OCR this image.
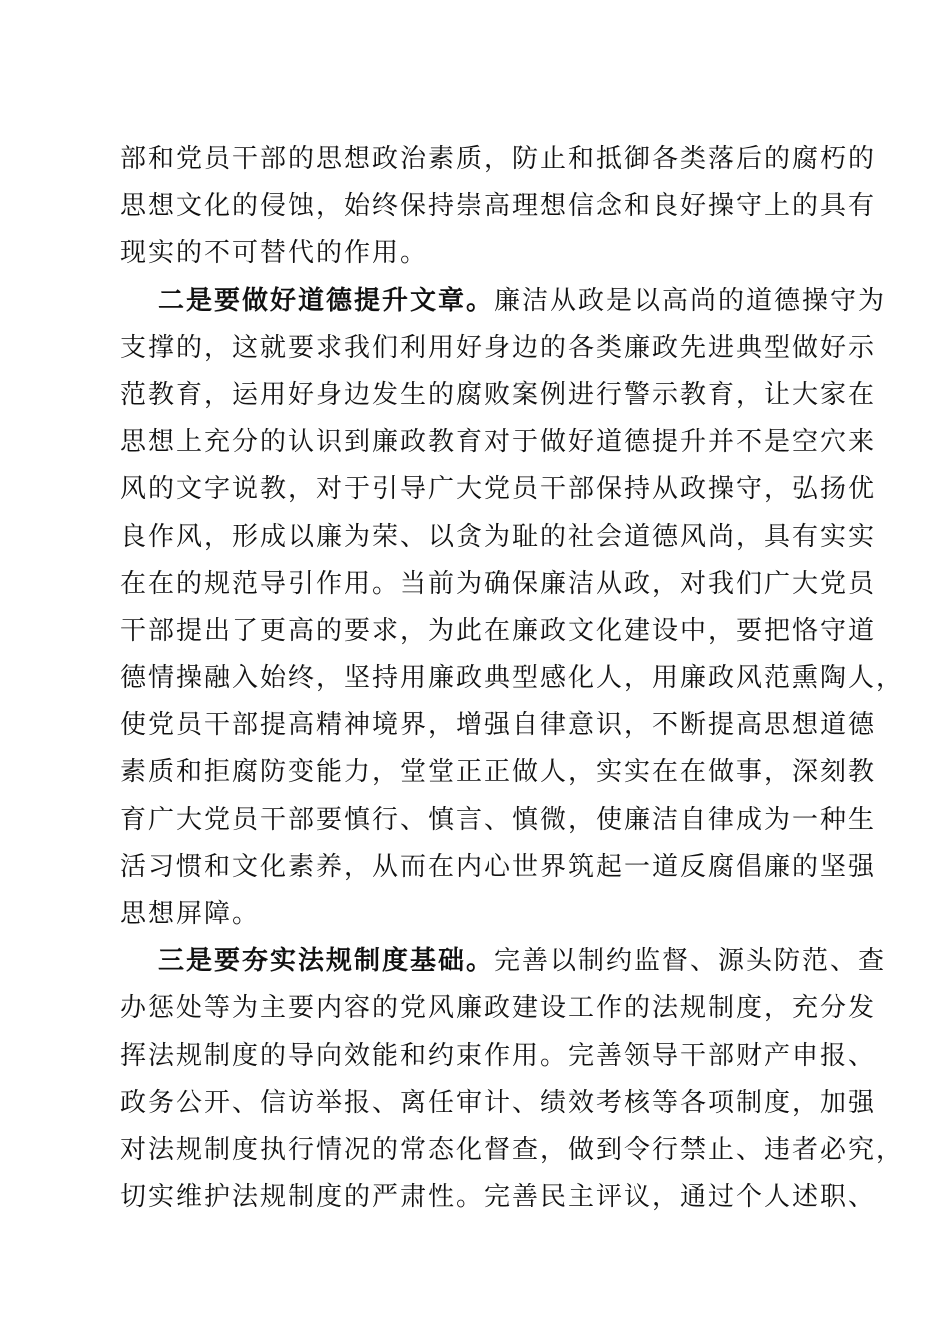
部和党员干部的思想政治素质，防止和抵御各类落后的腐朽的
思想文化的侵蚀，始终保持崇高理想信念和良好操守上的具有
现实的不可替代的作用。
二是要做好道德提升文章。廉洁从政是以高尚的道德操守为
支撑的，这就要求我们利用好身边的各类廉政先进典型做好示
范教育，运用好身边发生的腐败案例进行警示教育，让大家在
思想上充分的认识到廉政教育对于做好道德提升并不是空穴来
风的文字说教，对于引导广大党员干部保持从政操守，弘扬优
良作风，形成以廉为荣、以贪为耻的社会道德风尚，具有实实
在在的规范导引作用。当前为确保廉洁从政，对我们广大党员
干部提出了更高的要求，为此在廉政文化建设中，要把恪守道
德情操融入始终，坚持用廉政典型感化人，用廉政风范熏陶人，
使党员干部提高精神境界，增强自律意识，不断提高思想道德
素质和拒腐防变能力，堂堂正正做人，实实在在做事，深刻教
育广大党员干部要慎行、慎言、慎微，使廉洁自律成为一种生
活习惯和文化素养，从而在内心世界筑起一道反腐倡廉的坚强
思想屏障。
三是要夯实法规制度基础。完善以制约监督、源头防范、查
办惩处等为主要内容的党风廉政建设工作的法规制度，充分发
挥法规制度的导向效能和约束作用。完善领导干部财产申报、
政务公开、信访举报、离任审计、绩效考核等各项制度，加强
对法规制度执行情况的常态化督查，做到令行禁止、违者必究，
切实维护法规制度的严肃性。完善民主评议，通过个人述职、
